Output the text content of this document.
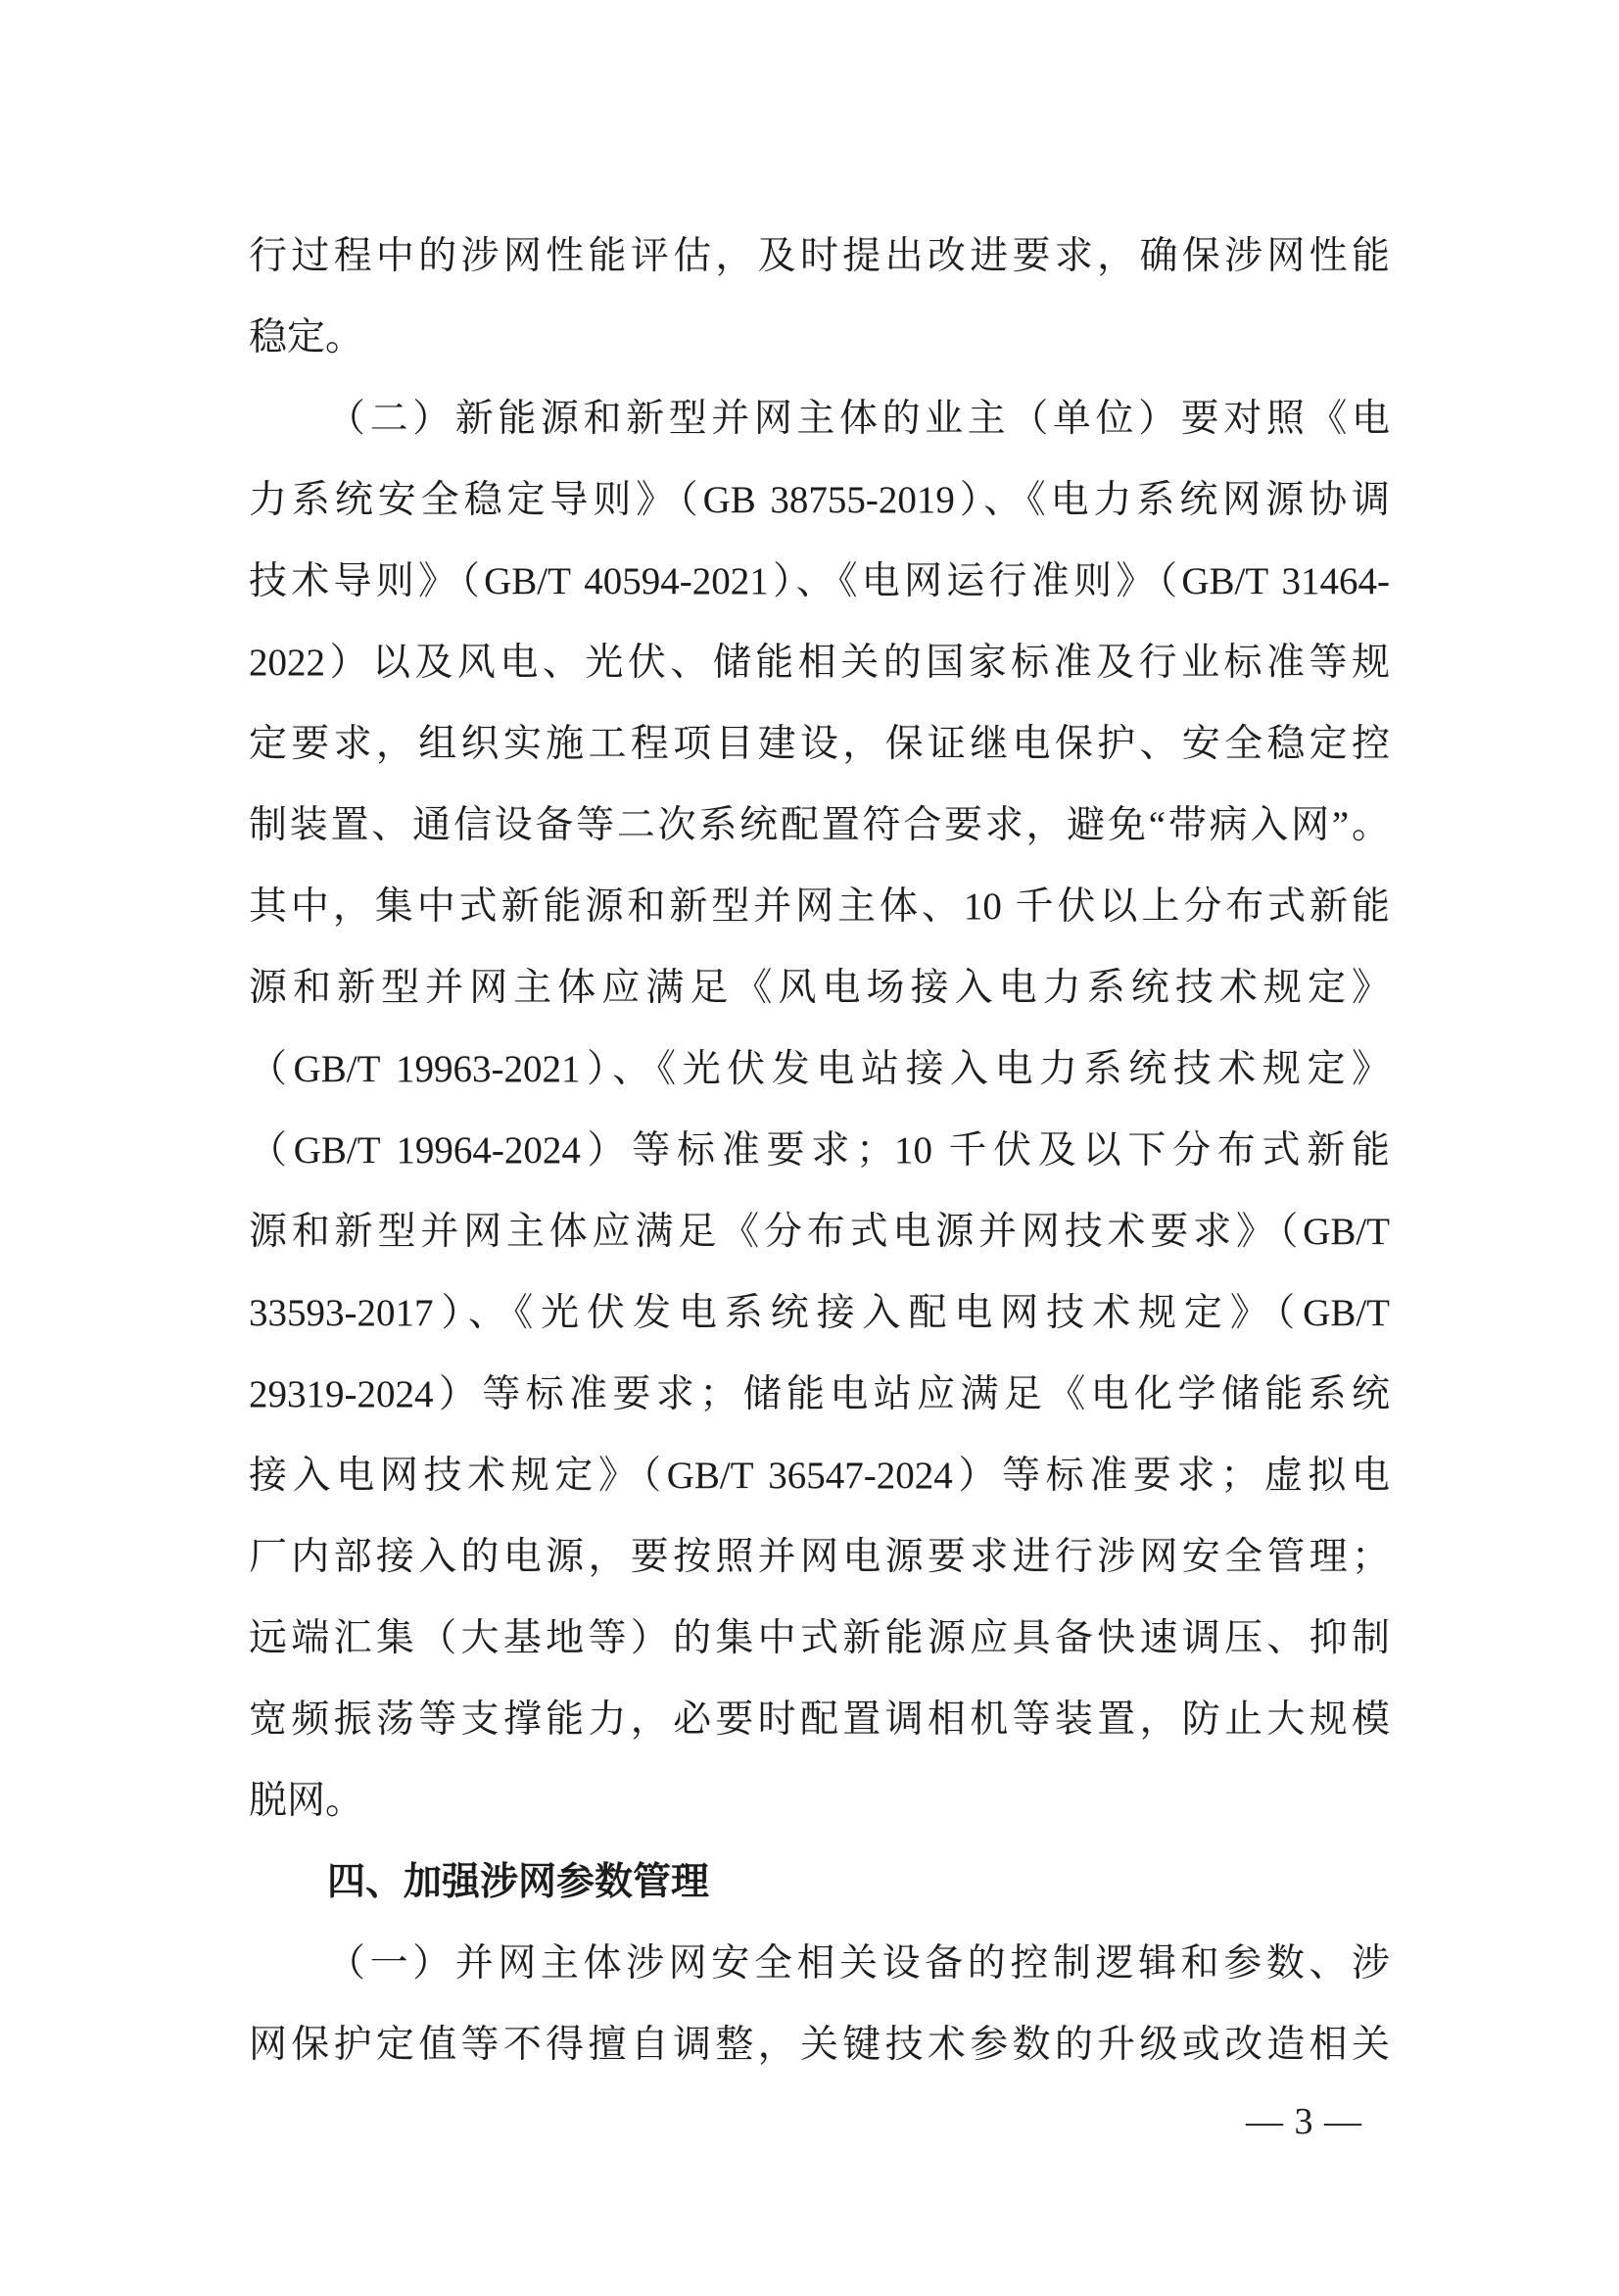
行过程中的涉网性能评估，及时提出改进要求，确保涉网性能
稳定。
（二）新能源和新型并网主体的业主（单位）要对照《电
力系统安全稳定导则》（GB 38755-2019）、《电力系统网源协调
技术导则》（GB/T 40594-2021）、《电网运行准则》（GB/T 31464-
2022）以及风电、光伏、储能相关的国家标准及行业标准等规
定要求，组织实施工程项目建设，保证继电保护、安全稳定控
制装置、通信设备等二次系统配置符合要求，避免“带病入网”。
其中，集中式新能源和新型并网主体、10 千伏以上分布式新能
源和新型并网主体应满足《风电场接入电力系统技术规定》
（GB/T 19963-2021）、《光伏发电站接入电力系统技术规定》
（GB/T 19964-2024）等标准要求；10 千伏及以下分布式新能
源和新型并网主体应满足《分布式电源并网技术要求》（GB/T
33593-2017）、《光伏发电系统接入配电网技术规定》（GB/T
29319-2024）等标准要求；储能电站应满足《电化学储能系统
接入电网技术规定》（GB/T 36547-2024）等标准要求；虚拟电
厂内部接入的电源，要按照并网电源要求进行涉网安全管理；
远端汇集（大基地等）的集中式新能源应具备快速调压、抑制
宽频振荡等支撑能力，必要时配置调相机等装置，防止大规模
脱网。
四、加强涉网参数管理
（一）并网主体涉网安全相关设备的控制逻辑和参数、涉
网保护定值等不得擅自调整，关键技术参数的升级或改造相关
— 3 —
